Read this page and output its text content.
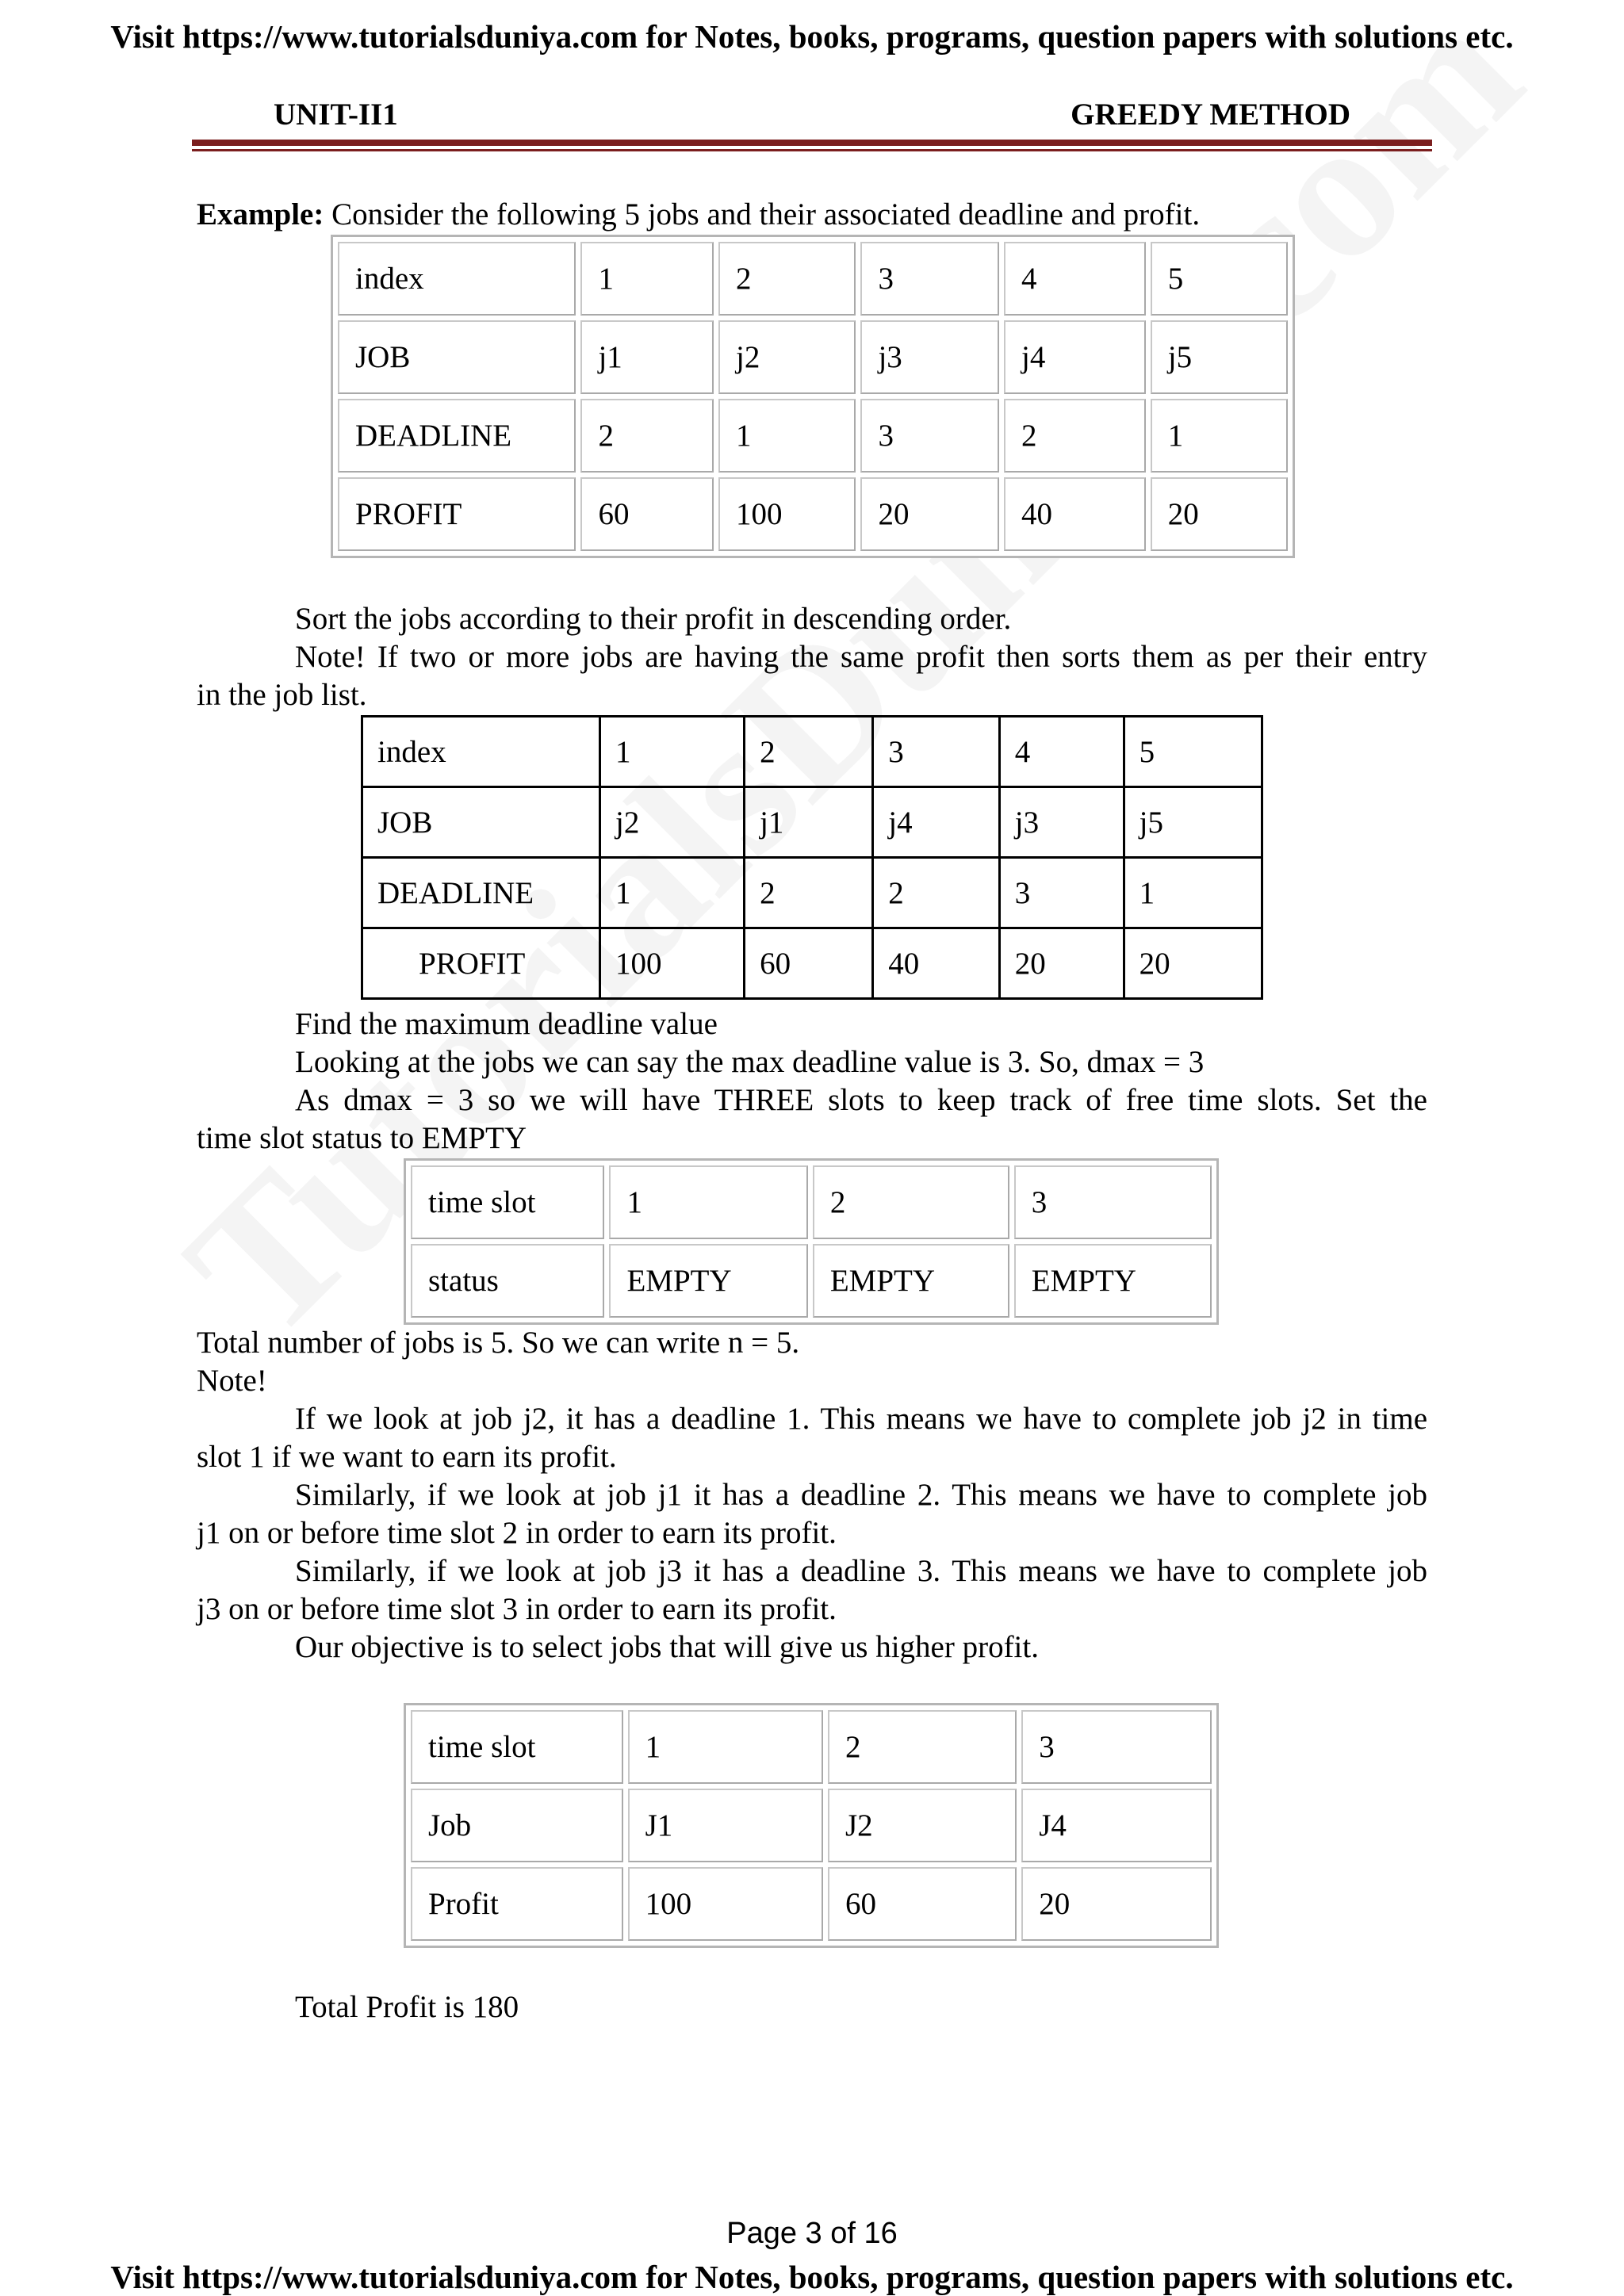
Visit https://www.tutorialsduniya.com for Notes, books, programs, question papers with solutions etc.
UNIT-II1	GREEDY METHOD
Example: Consider the following 5 jobs and their associated deadline and profit.
index	1	2	3	4	5
JOB	j1	j2	j3	j4	j5
DEADLINE	2	1	3	2	1
PROFIT	60	100	20	40	20
Sort the jobs according to their profit in descending order.
Note! If two or more jobs are having the same profit then sorts them as per their entry
in the job list.
index	1	2	3	4	5
JOB	j2	j1	j4	j3	j5
DEADLINE	1	2	2	3	1
PROFIT	100	60	40	20	20
Find the maximum deadline value
Looking at the jobs we can say the max deadline value is 3. So, dmax = 3
As dmax = 3 so we will have THREE slots to keep track of free time slots. Set the
time slot status to EMPTY
time slot	1	2	3
status	EMPTY	EMPTY	EMPTY
Total number of jobs is 5. So we can write n = 5.
Note!
If we look at job j2, it has a deadline 1. This means we have to complete job j2 in time
slot 1 if we want to earn its profit.
Similarly, if we look at job j1 it has a deadline 2. This means we have to complete job
j1 on or before time slot 2 in order to earn its profit.
Similarly, if we look at job j3 it has a deadline 3. This means we have to complete job
j3 on or before time slot 3 in order to earn its profit.
Our objective is to select jobs that will give us higher profit.
time slot	1	2	3
Job	J1	J2	J4
Profit	100	60	20
Total Profit is 180
Page 3 of 16
Visit https://www.tutorialsduniya.com for Notes, books, programs, question papers with solutions etc.
